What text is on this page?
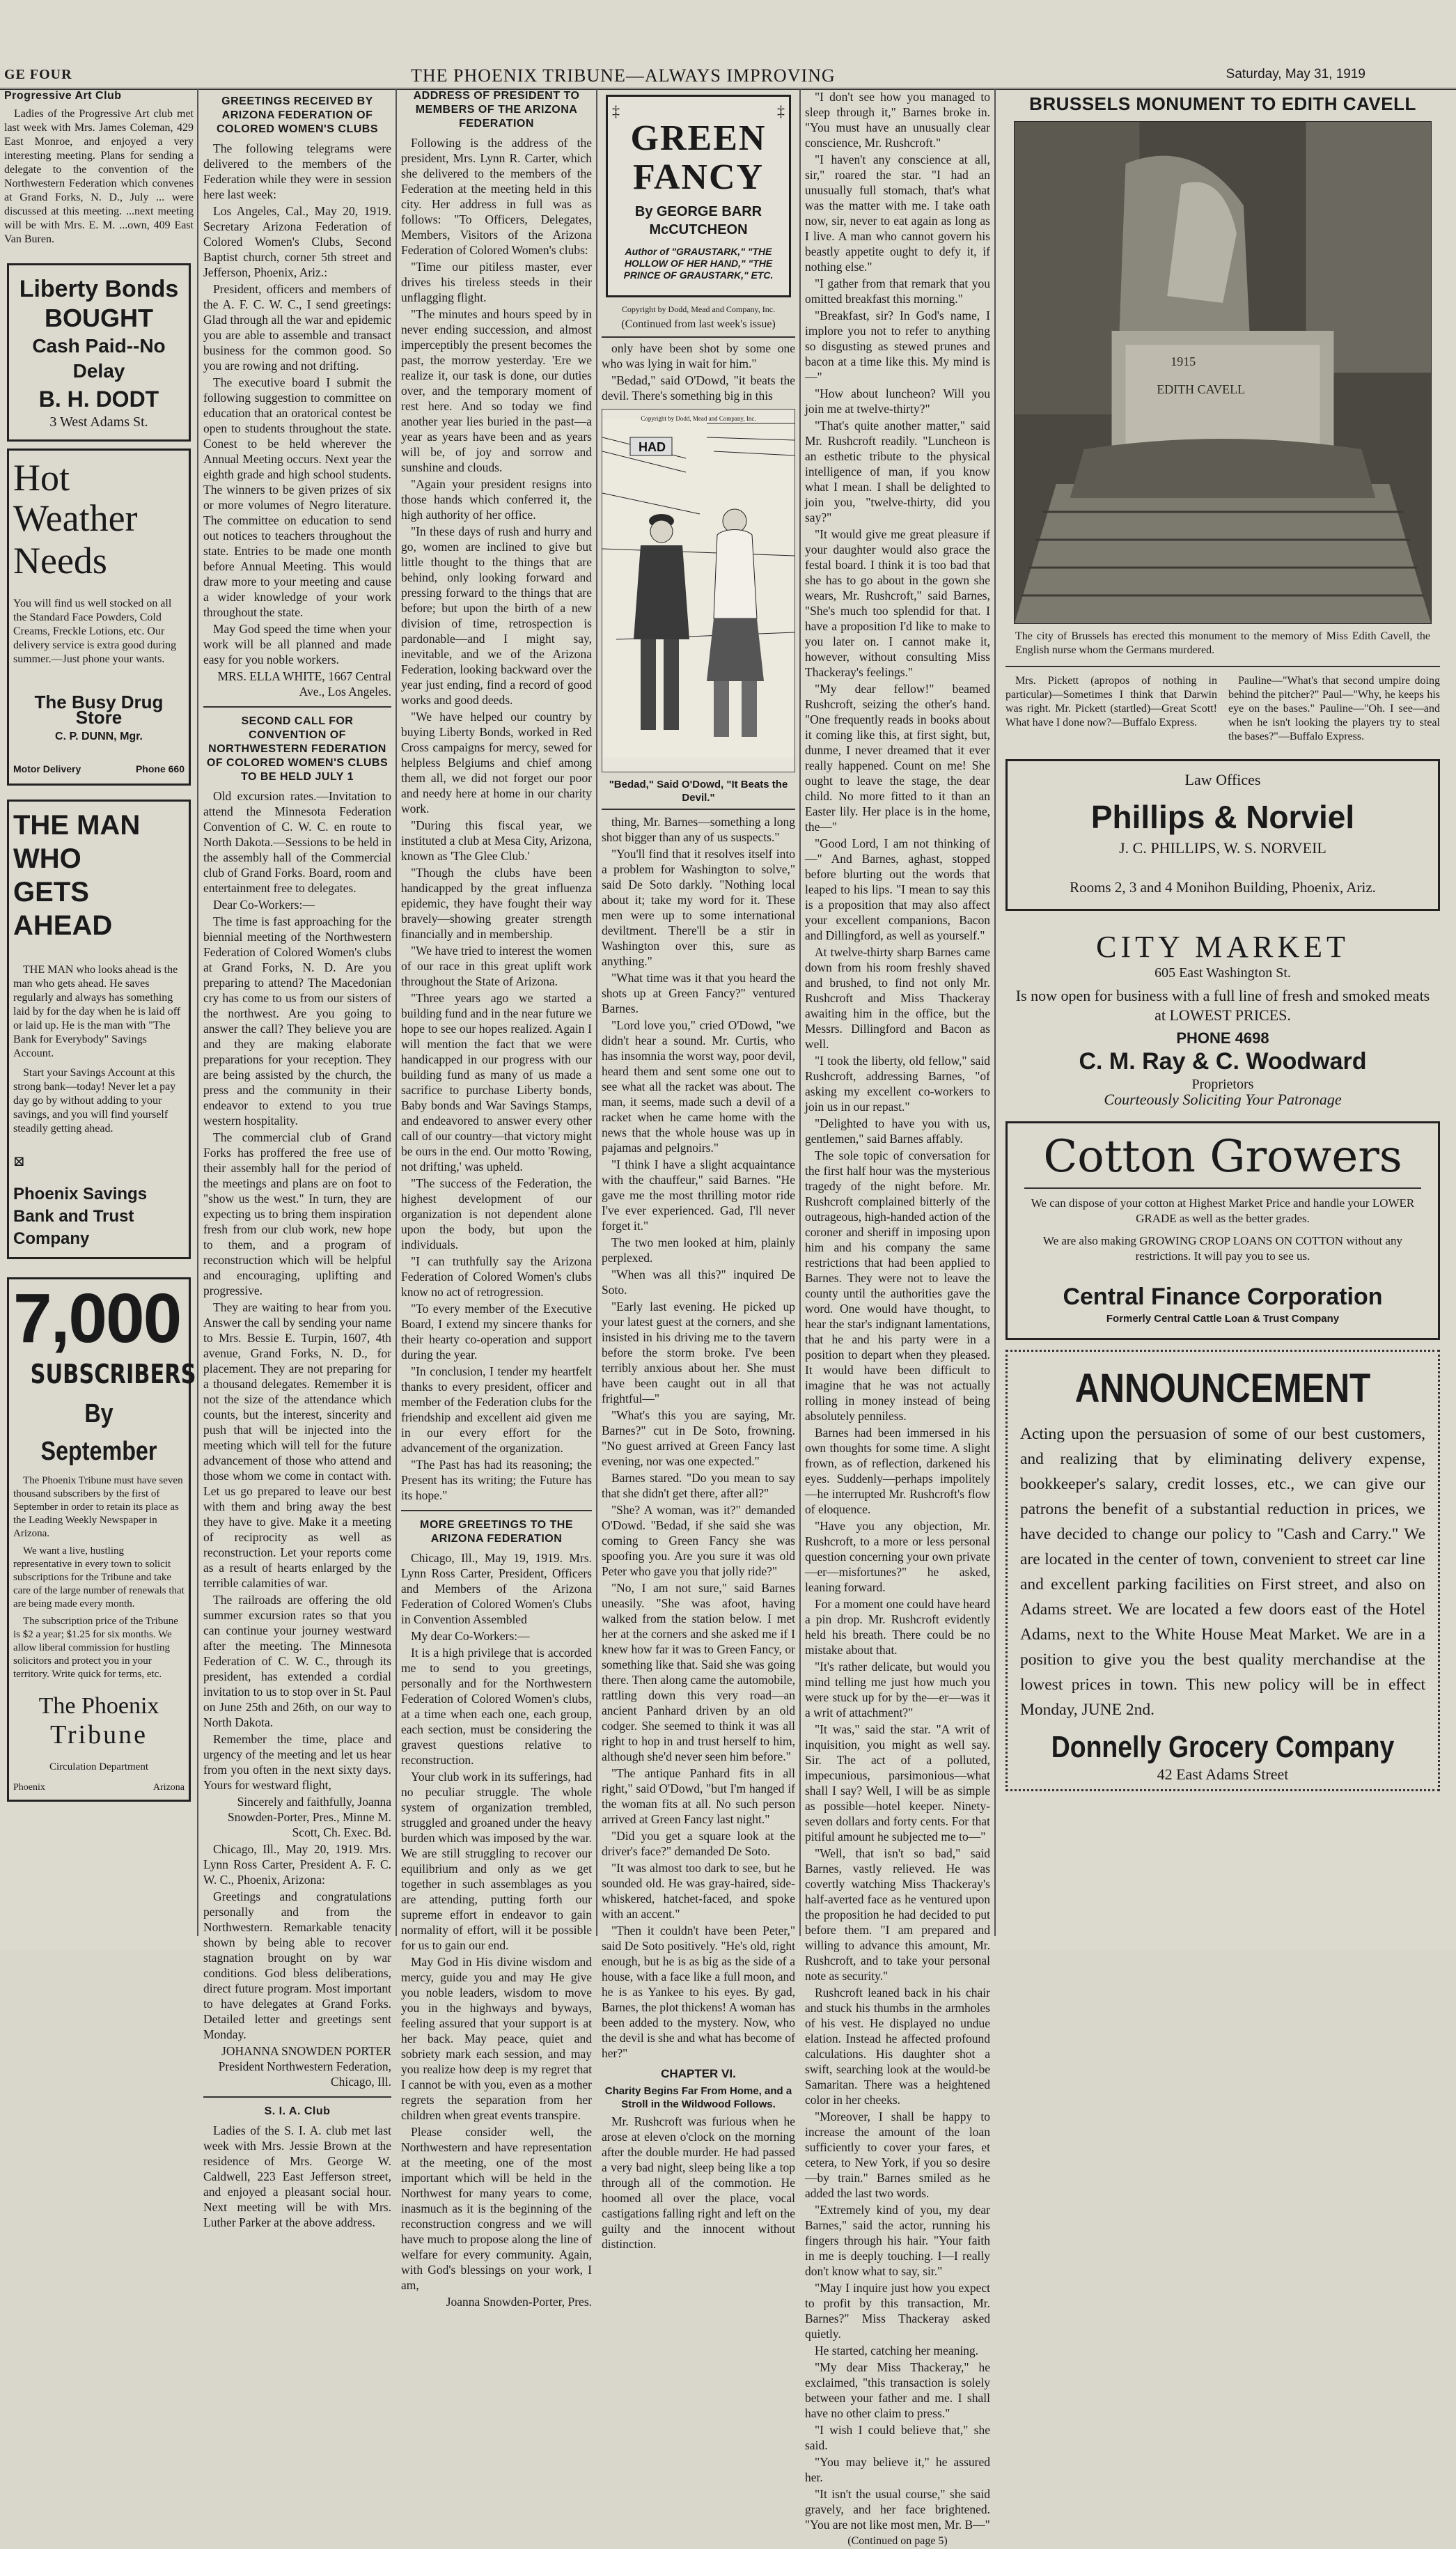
GE FOUR	THE PHOENIX TRIBUNE—ALWAYS IMPROVING	Saturday, May 31, 1919
Progressive Art Club

Ladies of the Progressive Art club met last week with Mrs. James Coleman, 429 East Monroe, and enjoyed a very interesting meeting. Plans for sending a delegate to the convention of the Northwestern Federation which convenes at Grand Forks, N. D., July ... were discussed at this meeting. ...next meeting will be with Mrs. E. M. ...own, 409 East Van Buren.

Liberty Bonds
BOUGHT
Cash Paid--No Delay
B. H. DODT
3 West Adams St.
Hot
Weather
Needs

You will find us well stocked on all the Standard Face Powders, Cold Creams, Freckle Lotions, etc. Our delivery service is extra good during summer.—Just phone your wants.

The Busy Drug Store
C. P. DUNN, Mgr.
Motor Delivery	Phone 660
THE MAN WHO
GETS AHEAD

THE MAN who looks ahead is the man who gets ahead. He saves regularly and always has something laid by for the day when he is laid off or laid up. He is the man with "The Bank for Everybody" Savings Account.

Start your Savings Account at this strong bank—today! Never let a pay day go by without adding to your savings, and you will find yourself steadily getting ahead.

⊠
Phoenix Savings Bank and Trust Company
7,000
SUBSCRIBERS
By September

The Phoenix Tribune must have seven thousand subscribers by the first of September in order to retain its place as the Leading Weekly Newspaper in Arizona.

We want a live, hustling representative in every town to solicit subscriptions for the Tribune and take care of the large number of renewals that are being made every month.

The subscription price of the Tribune is $2 a year; $1.25 for six months. We allow liberal commission for hustling solicitors and protect you in your territory. Write quick for terms, etc.

The Phoenix
Tribune
Circulation Department
Phoenix	Arizona
GREETINGS RECEIVED BY ARIZONA FEDERATION OF COLORED WOMEN'S CLUBS

The following telegrams were delivered to the members of the Federation while they were in session here last week:

Los Angeles, Cal., May 20, 1919. Secretary Arizona Federation of Colored Women's Clubs, Second Baptist church, corner 5th street and Jefferson, Phoenix, Ariz.:

President, officers and members of the A. F. C. W. C., I send greetings: Glad through all the war and epidemic you are able to assemble and transact business for the common good. So you are rowing and not drifting.

The executive board I submit the following suggestion to committee on education that an oratorical contest be open to students throughout the state. Conest to be held wherever the Annual Meeting occurs. Next year the eighth grade and high school students. The winners to be given prizes of six or more volumes of Negro literature. The committee on education to send out notices to teachers throughout the state. Entries to be made one month before Annual Meeting. This would draw more to your meeting and cause a wider knowledge of your work throughout the state.

May God speed the time when your work will be all planned and made easy for you noble workers.

MRS. ELLA WHITE, 1667 Central Ave., Los Angeles.

SECOND CALL FOR CONVENTION OF NORTHWESTERN FEDERATION OF COLORED WOMEN'S CLUBS TO BE HELD JULY 1

Old excursion rates.—Invitation to attend the Minnesota Federation Convention of C. W. C. en route to North Dakota.—Sessions to be held in the assembly hall of the Commercial club of Grand Forks. Board, room and entertainment free to delegates.

Dear Co-Workers:—

The time is fast approaching for the biennial meeting of the Northwestern Federation of Colored Women's clubs at Grand Forks, N. D. Are you preparing to attend? The Macedonian cry has come to us from our sisters of the northwest. Are you going to answer the call? They believe you are and they are making elaborate preparations for your reception. They are being assisted by the church, the press and the community in their endeavor to extend to you true western hospitality.

The commercial club of Grand Forks has proffered the free use of their assembly hall for the period of the meetings and plans are on foot to "show us the west." In turn, they are expecting us to bring them inspiration fresh from our club work, new hope to them, and a program of reconstruction which will be helpful and encouraging, uplifting and progressive.

They are waiting to hear from you. Answer the call by sending your name to Mrs. Bessie E. Turpin, 1607, 4th avenue, Grand Forks, N. D., for placement. They are not preparing for a thousand delegates. Remember it is not the size of the attendance which counts, but the interest, sincerity and push that will be injected into the meeting which will tell for the future advancement of those who attend and those whom we come in contact with. Let us go prepared to leave our best with them and bring away the best they have to give. Make it a meeting of reciprocity as well as reconstruction. Let your reports come as a result of hearts enlarged by the terrible calamities of war.

The railroads are offering the old summer excursion rates so that you can continue your journey westward after the meeting. The Minnesota Federation of C. W. C., through its president, has extended a cordial invitation to us to stop over in St. Paul on June 25th and 26th, on our way to North Dakota.

Remember the time, place and urgency of the meeting and let us hear from you often in the next sixty days. Yours for westward flight,

Sincerely and faithfully, Joanna Snowden-Porter, Pres., Minne M. Scott, Ch. Exec. Bd.

Chicago, Ill., May 20, 1919. Mrs. Lynn Ross Carter, President A. F. C. W. C., Phoenix, Arizona:

Greetings and congratulations personally and from the Northwestern. Remarkable tenacity shown by being able to recover stagnation brought on by war conditions. God bless deliberations, direct future program. Most important to have delegates at Grand Forks. Detailed letter and greetings sent Monday.

JOHANNA SNOWDEN PORTER President Northwestern Federation, Chicago, Ill.

S. I. A. Club

Ladies of the S. I. A. club met last week with Mrs. Jessie Brown at the residence of Mrs. George W. Caldwell, 223 East Jefferson street, and enjoyed a pleasant social hour. Next meeting will be with Mrs. Luther Parker at the above address.

ADDRESS OF PRESIDENT TO MEMBERS OF THE ARIZONA FEDERATION

Following is the address of the president, Mrs. Lynn R. Carter, which she delivered to the members of the Federation at the meeting held in this city. Her address in full was as follows: "To Officers, Delegates, Members, Visitors of the Arizona Federation of Colored Women's clubs:

"Time our pitiless master, ever drives his tireless steeds in their unflagging flight.

"The minutes and hours speed by in never ending succession, and almost imperceptibly the present becomes the past, the morrow yesterday. 'Ere we realize it, our task is done, our duties over, and the temporary moment of rest here. And so today we find another year lies buried in the past—a year as years have been and as years will be, of joy and sorrow and sunshine and clouds.

"Again your president resigns into those hands which conferred it, the high authority of her office.

"In these days of rush and hurry and go, women are inclined to give but little thought to the things that are behind, only looking forward and pressing forward to the things that are before; but upon the birth of a new division of time, retrospection is pardonable—and I might say, inevitable, and we of the Arizona Federation, looking backward over the year just ending, find a record of good works and good deeds.

"We have helped our country by buying Liberty Bonds, worked in Red Cross campaigns for mercy, sewed for helpless Belgiums and chief among them all, we did not forget our poor and needy here at home in our charity work.

"During this fiscal year, we instituted a club at Mesa City, Arizona, known as 'The Glee Club.'

"Though the clubs have been handicapped by the great influenza epidemic, they have fought their way bravely—showing greater strength financially and in membership.

"We have tried to interest the women of our race in this great uplift work throughout the State of Arizona.

"Three years ago we started a building fund and in the near future we hope to see our hopes realized. Again I will mention the fact that we were handicapped in our progress with our building fund as many of us made a sacrifice to purchase Liberty bonds, Baby bonds and War Savings Stamps, and endeavored to answer every other call of our country—that victory might be ours in the end. Our motto 'Rowing, not drifting,' was upheld.

"The success of the Federation, the highest development of our organization is not dependent alone upon the body, but upon the individuals.

"I can truthfully say the Arizona Federation of Colored Women's clubs know no act of retrogression.

"To every member of the Executive Board, I extend my sincere thanks for their hearty co-operation and support during the year.

"In conclusion, I tender my heartfelt thanks to every president, officer and member of the Federation clubs for the friendship and excellent aid given me in our every effort for the advancement of the organization.

"The Past has had its reasoning; the Present has its writing; the Future has its hope."

MORE GREETINGS TO THE ARIZONA FEDERATION

Chicago, Ill., May 19, 1919. Mrs. Lynn Ross Carter, President, Officers and Members of the Arizona Federation of Colored Women's Clubs in Convention Assembled

My dear Co-Workers:—

It is a high privilege that is accorded me to send to you greetings, personally and for the Northwestern Federation of Colored Women's clubs, at a time when each one, each group, each section, must be considering the gravest questions relative to reconstruction.

Your club work in its sufferings, had no peculiar struggle. The whole system of organization trembled, struggled and groaned under the heavy burden which was imposed by the war. We are still struggling to recover our equilibrium and only as we get together in such assemblages as you are attending, putting forth our supreme effort in endeavor to gain normality of effort, will it be possible for us to gain our end.

May God in His divine wisdom and mercy, guide you and may He give you noble leaders, wisdom to move you in the highways and byways, feeling assured that your support is at her back. May peace, quiet and sobriety mark each session, and may you realize how deep is my regret that I cannot be with you, even as a mother regrets the separation from her children when great events transpire.

Please consider well, the Northwestern and have representation at the meeting, one of the most important which will be held in the Northwest for many years to come, inasmuch as it is the beginning of the reconstruction congress and we will have much to propose along the line of welfare for every community. Again, with God's blessings on your work, I am,

Joanna Snowden-Porter, Pres.

‡	‡
GREEN
FANCY
By GEORGE BARR McCUTCHEON
Author of "GRAUSTARK," "THE HOLLOW OF HER HAND," "THE PRINCE OF GRAUSTARK," ETC.
Copyright by Dodd, Mead and Company, Inc.
(Continued from last week's issue)

only have been shot by some one who was lying in wait for him."

"Bedad," said O'Dowd, "it beats the devil. There's something big in this

Copyright by Dodd, Mead and Company, Inc.
HAD
"Bedad," Said O'Dowd, "It Beats the Devil."

thing, Mr. Barnes—something a long shot bigger than any of us suspects."

"You'll find that it resolves itself into a problem for Washington to solve," said De Soto darkly. "Nothing local about it; take my word for it. These men were up to some international deviltment. There'll be a stir in Washington over this, sure as anything."

"What time was it that you heard the shots up at Green Fancy?" ventured Barnes.

"Lord love you," cried O'Dowd, "we didn't hear a sound. Mr. Curtis, who has insomnia the worst way, poor devil, heard them and sent some one out to see what all the racket was about. The man, it seems, made such a devil of a racket when he came home with the news that the whole house was up in pajamas and pelgnoirs."

"I think I have a slight acquaintance with the chauffeur," said Barnes. "He gave me the most thrilling motor ride I've ever experienced. Gad, I'll never forget it."

The two men looked at him, plainly perplexed.

"When was all this?" inquired De Soto.

"Early last evening. He picked up your latest guest at the corners, and she insisted in his driving me to the tavern before the storm broke. I've been terribly anxious about her. She must have been caught out in all that frightful—"

"What's this you are saying, Mr. Barnes?" cut in De Soto, frowning. "No guest arrived at Green Fancy last evening, nor was one expected."

Barnes stared. "Do you mean to say that she didn't get there, after all?"

"She? A woman, was it?" demanded O'Dowd. "Bedad, if she said she was coming to Green Fancy she was spoofing you. Are you sure it was old Peter who gave you that jolly ride?"

"No, I am not sure," said Barnes uneasily. "She was afoot, having walked from the station below. I met her at the corners and she asked me if I knew how far it was to Green Fancy, or something like that. Said she was going there. Then along came the automobile, rattling down this very road—an ancient Panhard driven by an old codger. She seemed to think it was all right to hop in and trust herself to him, although she'd never seen him before."

"The antique Panhard fits in all right," said O'Dowd, "but I'm hanged if the woman fits at all. No such person arrived at Green Fancy last night."

"Did you get a square look at the driver's face?" demanded De Soto.

"It was almost too dark to see, but he sounded old. He was gray-haired, side-whiskered, hatchet-faced, and spoke with an accent."

"Then it couldn't have been Peter," said De Soto positively. "He's old, right enough, but he is as big as the side of a house, with a face like a full moon, and he is as Yankee to his eyes. By gad, Barnes, the plot thickens! A woman has been added to the mystery. Now, who the devil is she and what has become of her?"

CHAPTER VI.
Charity Begins Far From Home, and a Stroll in the Wildwood Follows.

Mr. Rushcroft was furious when he arose at eleven o'clock on the morning after the double murder. He had passed a very bad night, sleep being like a top through all of the commotion. He hoomed all over the place, vocal castigations falling right and left on the guilty and the innocent without distinction.

"I don't see how you managed to sleep through it," Barnes broke in. "You must have an unusually clear conscience, Mr. Rushcroft."

"I haven't any conscience at all, sir," roared the star. "I had an unusually full stomach, that's what was the matter with me. I take oath now, sir, never to eat again as long as I live. A man who cannot govern his beastly appetite ought to defy it, if nothing else."

"I gather from that remark that you omitted breakfast this morning."

"Breakfast, sir? In God's name, I implore you not to refer to anything so disgusting as stewed prunes and bacon at a time like this. My mind is—"

"How about luncheon? Will you join me at twelve-thirty?"

"That's quite another matter," said Mr. Rushcroft readily. "Luncheon is an esthetic tribute to the physical intelligence of man, if you know what I mean. I shall be delighted to join you, "twelve-thirty, did you say?"

"It would give me great pleasure if your daughter would also grace the festal board. I think it is too bad that she has to go about in the gown she wears, Mr. Rushcroft," said Barnes, "She's much too splendid for that. I have a proposition I'd like to make to you later on. I cannot make it, however, without consulting Miss Thackeray's feelings."

"My dear fellow!" beamed Rushcroft, seizing the other's hand. "One frequently reads in books about it coming like this, at first sight, but, dunme, I never dreamed that it ever really happened. Count on me! She ought to leave the stage, the dear child. No more fitted to it than an Easter lily. Her place is in the home, the—"

"Good Lord, I am not thinking of—" And Barnes, aghast, stopped before blurting out the words that leaped to his lips. "I mean to say this is a proposition that may also affect your excellent companions, Bacon and Dillingford, as well as yourself."

At twelve-thirty sharp Barnes came down from his room freshly shaved and brushed, to find not only Mr. Rushcroft and Miss Thackeray awaiting him in the office, but the Messrs. Dillingford and Bacon as well.

"I took the liberty, old fellow," said Rushcroft, addressing Barnes, "of asking my excellent co-workers to join us in our repast."

"Delighted to have you with us, gentlemen," said Barnes affably.

The sole topic of conversation for the first half hour was the mysterious tragedy of the night before. Mr. Rushcroft complained bitterly of the outrageous, high-handed action of the coroner and sheriff in imposing upon him and his company the same restrictions that had been applied to Barnes. They were not to leave the county until the authorities gave the word. One would have thought, to hear the star's indignant lamentations, that he and his party were in a position to depart when they pleased. It would have been difficult to imagine that he was not actually rolling in money instead of being absolutely penniless.

Barnes had been immersed in his own thoughts for some time. A slight frown, as of reflection, darkened his eyes. Suddenly—perhaps impolitely—he interrupted Mr. Rushcroft's flow of eloquence.

"Have you any objection, Mr. Rushcroft, to a more or less personal question concerning your own private—er—misfortunes?" he asked, leaning forward.

For a moment one could have heard a pin drop. Mr. Rushcroft evidently held his breath. There could be no mistake about that.

"It's rather delicate, but would you mind telling me just how much you were stuck up for by the—er—was it a writ of attachment?"

"It was," said the star. "A writ of inquisition, you might as well say. Sir. The act of a polluted, impecunious, parsimonious—what shall I say? Well, I will be as simple as possible—hotel keeper. Ninety-seven dollars and forty cents. For that pitiful amount he subjected me to—"

"Well, that isn't so bad," said Barnes, vastly relieved. He was covertly watching Miss Thackeray's half-averted face as he ventured upon the proposition he had decided to put before them. "I am prepared and willing to advance this amount, Mr. Rushcroft, and to take your personal note as security."

Rushcroft leaned back in his chair and stuck his thumbs in the armholes of his vest. He displayed no undue elation. Instead he affected profound calculations. His daughter shot a swift, searching look at the would-be Samaritan. There was a heightened color in her cheeks.

"Moreover, I shall be happy to increase the amount of the loan sufficiently to cover your fares, et cetera, to New York, if you so desire—by train." Barnes smiled as he added the last two words.

"Extremely kind of you, my dear Barnes," said the actor, running his fingers through his hair. "Your faith in me is deeply touching. I—I really don't know what to say, sir."

"May I inquire just how you expect to profit by this transaction, Mr. Barnes?" Miss Thackeray asked quietly.

He started, catching her meaning.

"My dear Miss Thackeray," he exclaimed, "this transaction is solely between your father and me. I shall have no other claim to press."

"I wish I could believe that," she said.

"You may believe it," he assured her.

"It isn't the usual course," she said gravely, and her face brightened. "You are not like most men, Mr. B—"

(Continued on page 5)
BRUSSELS MONUMENT TO EDITH CAVELL
1915
EDITH CAVELL
The city of Brussels has erected this monument to the memory of Miss Edith Cavell, the English nurse whom the Germans murdered.

Mrs. Pickett (apropos of nothing in particular)—Sometimes I think that Darwin was right. Mr. Pickett (startled)—Great Scott! What have I done now?—Buffalo Express.

Pauline—"What's that second umpire doing behind the pitcher?" Paul—"Why, he keeps his eye on the bases." Pauline—"Oh. I see—and when he isn't looking the players try to steal the bases?"—Buffalo Express.

Law Offices
Phillips & Norviel
J. C. PHILLIPS, W. S. NORVEIL
Rooms 2, 3 and 4 Monihon Building, Phoenix, Ariz.
CITY MARKET
605 East Washington St.
Is now open for business with a full line of fresh and smoked meats at LOWEST PRICES.
PHONE 4698
C. M. Ray & C. Woodward
Proprietors
Courteously Soliciting Your Patronage
Cotton Growers
We can dispose of your cotton at Highest Market Price and handle your LOWER GRADE as well as the better grades.
We are also making GROWING CROP LOANS ON COTTON without any restrictions. It will pay you to see us.
Central Finance Corporation
Formerly Central Cattle Loan & Trust Company
ANNOUNCEMENT
Acting upon the persuasion of some of our best customers, and realizing that by eliminating delivery expense, bookkeeper's salary, credit losses, etc., we can give our patrons the benefit of a substantial reduction in prices, we have decided to change our policy to "Cash and Carry." We are located in the center of town, convenient to street car line and excellent parking facilities on First street, and also on Adams street. We are located a few doors east of the Hotel Adams, next to the White House Meat Market. We are in a position to give you the best quality merchandise at the lowest prices in town. This new policy will be in effect Monday, JUNE 2nd.
Donnelly Grocery Company
42 East Adams Street
